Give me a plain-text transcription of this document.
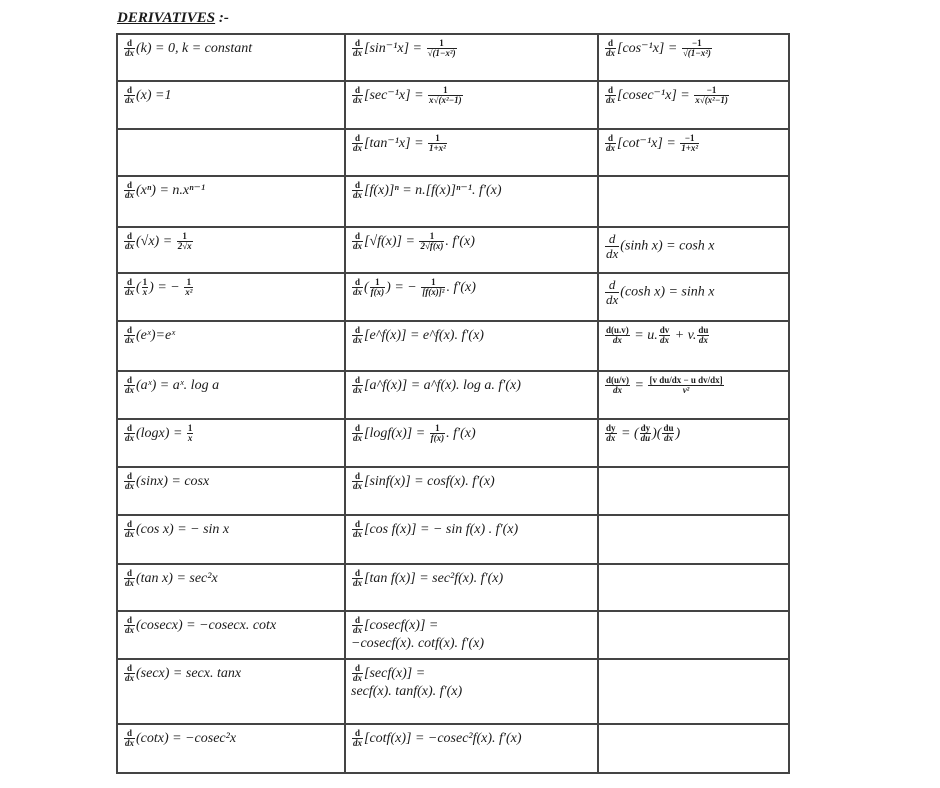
DERIVATIVES :-
$\frac{d}{dx} (k) = 0$, k = constant	$\frac{d}{dx} [\sin^{-1}x] = \frac{1}{\text{√(1−x²)}}$	$\frac{d}{dx} [\cos^{-1}x] = \frac{-1}{\text{√(1−x²)}}$

$\frac{d}{dx} (x) =1$	$\frac{d}{dx} [\sec^{-1}x] = \frac{1}{\text{x√(x²−1)}}$	$\frac{d}{dx} [cosec^{-1}x] = \frac{-1}{\text{x√(x²−1)}}$

	$\frac{d}{dx} [\tan^{-1}x] = \frac{1}{\text{1+x²}}$	$\frac{d}{dx} [\cot^{-1}x] = \frac{-1}{\text{1+x²}}$

$\frac{d}{dx} (x^n) = n.x^{n-1}$	$\frac{d}{dx} [f(x)]^n = n.[f(x)]^{n-1}$. f′(x)	

$\frac{d}{dx} (√x) = \frac{1}{2√x}$	$\frac{d}{dx} [√f(x)] = \frac{1}{2√f(x)}$ . f′(x)	$\frac{d}{dx} (\sinh$ x) = cosh x

$\frac{d}{dx}$ ( $\frac{1}{x}$ ) = − $\frac{1}{\text{x²}}$	$\frac{d}{dx}$ ( $\frac{1}{f(x)}$ ) = − $\frac{1}{\text{[f(x)]²}}$ . f′(x)	$\frac{d}{dx} (\cosh$ x) = sinh x

$\frac{d}{dx}$ (eˣ)=eˣ	$\frac{d}{dx}$ [e^f(x)] = e^f(x). f′(x)	$\frac{d(u.v)}{dx} = u$. $\frac{dv}{dx} + v$. $\frac{du}{dx}$

$\frac{d}{dx}$ (aˣ) = aˣ. log a	$\frac{d}{dx}$ [a^f(x)] = a^f(x). log a. f′(x)	$\frac{d(u/v)}{dx} = \frac{\text{[v du/dx − u dv/dx]}}{\text{v²}}$

$\frac{d}{dx} (\log x) = \frac{1}{x}$	$\frac{d}{dx} [\log f(x)] = \frac{1}{f(x)}$ . f′(x)	$\frac{dy}{dx}$ = ( $\frac{dy}{du}$ )( $\frac{du}{dx}$ )

$\frac{d}{dx} (\sin x) = \cos x$	$\frac{d}{dx} [\sin f(x)] = \cos f(x)$. f′(x)	

$\frac{d}{dx} (\cos$ x) = − sin x	$\frac{d}{dx} [\cos$ f(x)] = − sin f(x) . f′(x)	

$\frac{d}{dx} (\tan$ x) = sec²x	$\frac{d}{dx} [\tan$ f(x)] = sec²f(x). f′(x)	

$\frac{d}{dx} (cosecx) = -cosecx$. cotx	$\frac{d}{dx} [cosecf(x)]$ =
−cosecf(x). cotf(x). f′(x)	

$\frac{d}{dx} (\sec x) = \sec x$. tanx	$\frac{d}{dx} [\sec f(x)]$ =
secf(x). tanf(x). f′(x)	

$\frac{d}{dx} (\cot x) = -cosec^2x$	$\frac{d}{dx} [\cot f(x)] = -cosec^2f(x)$. f′(x)	
